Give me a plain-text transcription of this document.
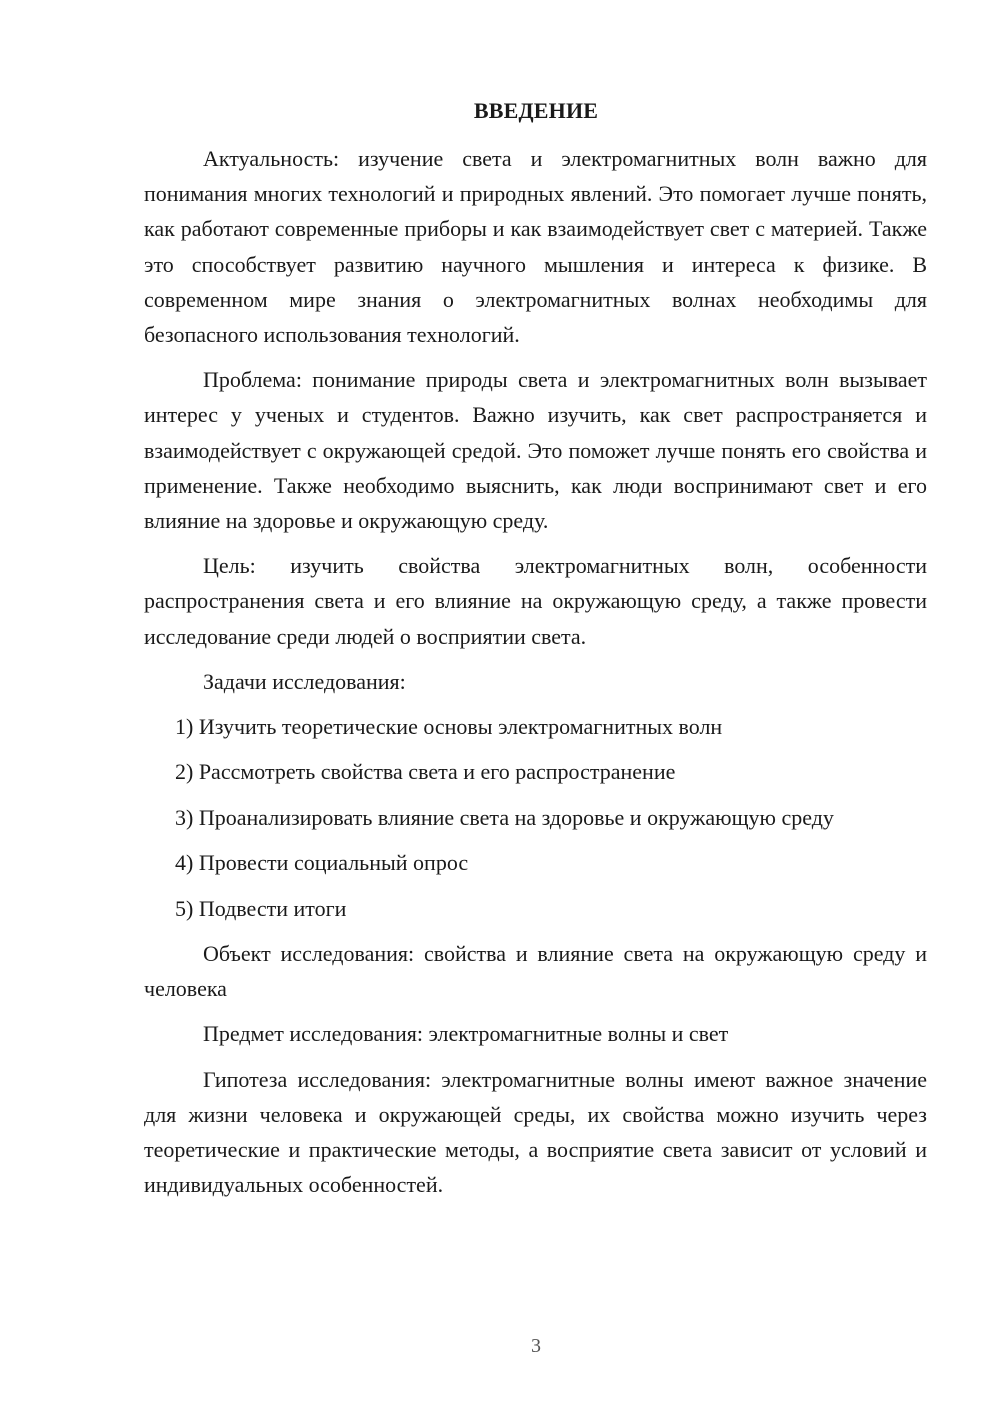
ВВЕДЕНИЕ

Актуальность: изучение света и электромагнитных волн важно для понимания многих технологий и природных явлений. Это помогает лучше понять, как работают современные приборы и как взаимодействует свет с материей. Также это способствует развитию научного мышления и интереса к физике. В современном мире знания о электромагнитных волнах необходимы для безопасного использования технологий.

Проблема: понимание природы света и электромагнитных волн вызывает интерес у ученых и студентов. Важно изучить, как свет распространяется и взаимодействует с окружающей средой. Это поможет лучше понять его свойства и применение. Также необходимо выяснить, как люди воспринимают свет и его влияние на здоровье и окружающую среду.

Цель: изучить свойства электромагнитных волн, особенности распространения света и его влияние на окружающую среду, а также провести исследование среди людей о восприятии света.

Задачи исследования:

1) Изучить теоретические основы электромагнитных волн

2) Рассмотреть свойства света и его распространение

3) Проанализировать влияние света на здоровье и окружающую среду

4) Провести социальный опрос

5) Подвести итоги

Объект исследования: свойства и влияние света на окружающую среду и человека

Предмет исследования: электромагнитные волны и свет

Гипотеза исследования: электромагнитные волны имеют важное значение для жизни человека и окружающей среды, их свойства можно изучить через теоретические и практические методы, а восприятие света зависит от условий и индивидуальных особенностей.

3
